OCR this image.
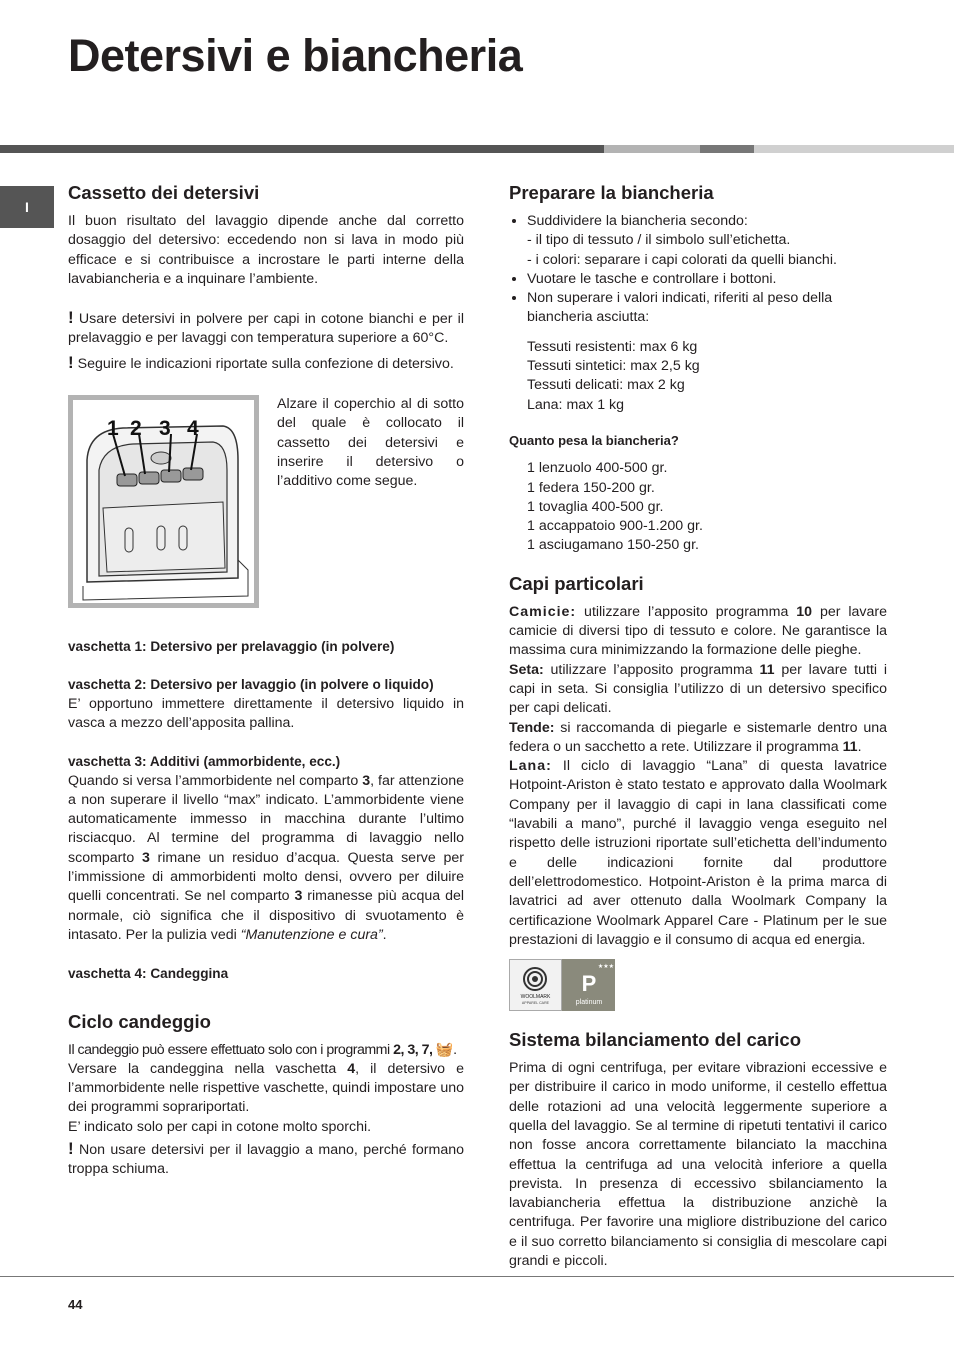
Detersivi e biancheria
I
Cassetto dei detersivi

Il buon risultato del lavaggio dipende anche dal corretto dosaggio del detersivo: eccedendo non si lava in modo più efficace e si contribuisce a incrostare le parti interne della lavabiancheria e a inquinare l’ambiente.

! Usare detersivi in polvere per capi in cotone bianchi e per il prelavaggio e per lavaggi con temperatura superiore a 60°C.

! Seguire le indicazioni riportate sulla confezione di detersivo.

1 2 3 4

Alzare il coperchio al di sotto del quale è collocato il cassetto dei detersivi e inserire il detersivo o l’additivo come segue.

vaschetta 1: Detersivo per prelavaggio (in polvere)

vaschetta 2: Detersivo per lavaggio (in polvere o liquido)

E’ opportuno immettere direttamente il detersivo liquido in vasca a mezzo dell’apposita pallina.

vaschetta 3: Additivi (ammorbidente, ecc.)

Quando si versa l’ammorbidente nel comparto 3, far attenzione a non superare il livello “max” indicato. L’ammorbidente viene automaticamente immesso in macchina durante l’ultimo risciacquo. Al termine del programma di lavaggio nello scomparto 3 rimane un residuo d’acqua. Questa serve per l’immissione di ammorbidenti molto densi, ovvero per diluire quelli concentrati. Se nel comparto 3 rimanesse più acqua del normale, ciò significa che il dispositivo di svuotamento è intasato. Per la pulizia vedi “Manutenzione e cura”.

vaschetta 4: Candeggina

Ciclo candeggio

Il candeggio può essere effettuato solo con i programmi 2, 3, 7, 🧺.

Versare la candeggina nella vaschetta 4, il detersivo e l’ammorbidente nelle rispettive vaschette, quindi impostare uno dei programmi soprariportati.

E’ indicato solo per capi in cotone molto sporchi.

! Non usare detersivi per il lavaggio a mano, perché formano troppa schiuma.

Preparare la biancheria
• Suddividere la biancheria secondo:
- il tipo di tessuto / il simbolo sull’etichetta.
- i colori: separare i capi colorati da quelli bianchi.
• Vuotare le tasche e controllare i bottoni.
• Non superare i valori indicati, riferiti al peso della biancheria asciutta:

Tessuti resistenti: max 6 kg

Tessuti sintetici: max 2,5 kg

Tessuti delicati: max 2 kg

Lana: max 1 kg

Quanto pesa la biancheria?

1 lenzuolo 400-500 gr.

1 federa 150-200 gr.

1 tovaglia 400-500 gr.

1 accappatoio 900-1.200 gr.

1 asciugamano 150-250 gr.

Capi particolari

Camicie: utilizzare l’apposito programma 10 per lavare camicie di diversi tipo di tessuto e colore. Ne garantisce la massima cura minimizzando la formazione delle pieghe.

Seta: utilizzare l’apposito programma 11 per lavare tutti i capi in seta. Si consiglia l’utilizzo di un detersivo specifico per capi delicati.

Tende: si raccomanda di piegarle e sistemarle dentro una federa o un sacchetto a rete. Utilizzare il programma 11.

Lana: Il ciclo di lavaggio “Lana” di questa lavatrice Hotpoint-Ariston è stato testato e approvato dalla Woolmark Company per il lavaggio di capi in lana classificati come “lavabili a mano”, purché il lavaggio venga eseguito nel rispetto delle istruzioni riportate sull’etichetta dell’indumento e delle indicazioni fornite dal produttore dell’elettrodomestico. Hotpoint-Ariston è la prima marca di lavatrici ad aver ottenuto dalla Woolmark Company la certificazione Woolmark Apparel Care - Platinum per le sue prestazioni di lavaggio e il consumo di acqua ed energia.

WOOLMARK
APPAREL CARE
★★★
P
platinum
Sistema bilanciamento del carico

Prima di ogni centrifuga, per evitare vibrazioni eccessive e per distribuire il carico in modo uniforme, il cestello effettua delle rotazioni ad una velocità leggermente superiore a quella del lavaggio. Se al termine di ripetuti tentativi il carico non fosse ancora correttamente bilanciato la macchina effettua la centrifuga ad una velocità inferiore a quella prevista. In presenza di eccessivo sbilanciamento la lavabiancheria effettua la distribuzione anzichè la centrifuga. Per favorire una migliore distribuzione del carico e il suo corretto bilanciamento si consiglia di mescolare capi grandi e piccoli.

44
